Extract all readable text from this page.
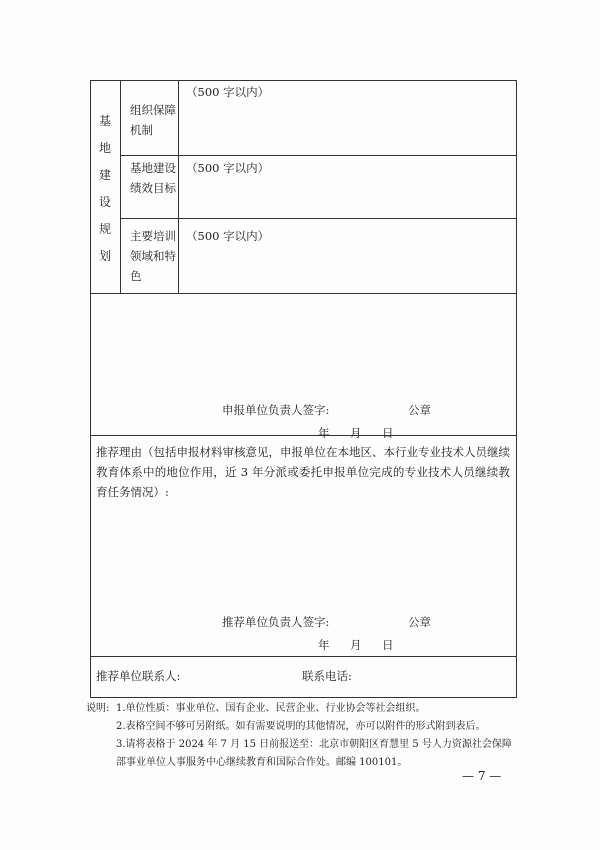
基地建设规划
组织保障机制
（500 字以内）
基地建设绩效目标
（500 字以内）
主要培训领域和特色
（500 字以内）
申报单位负责人签字:	公章
年 月 日
推荐理由（包括申报材料审核意见，申报单位在本地区、本行业专业技术人员继续教育体系中的地位作用，近 3 年分派或委托申报单位完成的专业技术人员继续教育任务情况）:
推荐单位负责人签字:	公章
年 月 日
推荐单位联系人:	联系电话:
说明: 1.单位性质：事业单位、国有企业、民营企业、行业协会等社会组织。
2.表格空间不够可另附纸。如有需要说明的其他情况，亦可以附件的形式附到表后。
3.请将表格于 2024 年 7 月 15 日前报送至：北京市朝阳区育慧里 5 号人力资源社会保障
部事业单位人事服务中心继续教育和国际合作处。邮编 100101。
— 7 —
